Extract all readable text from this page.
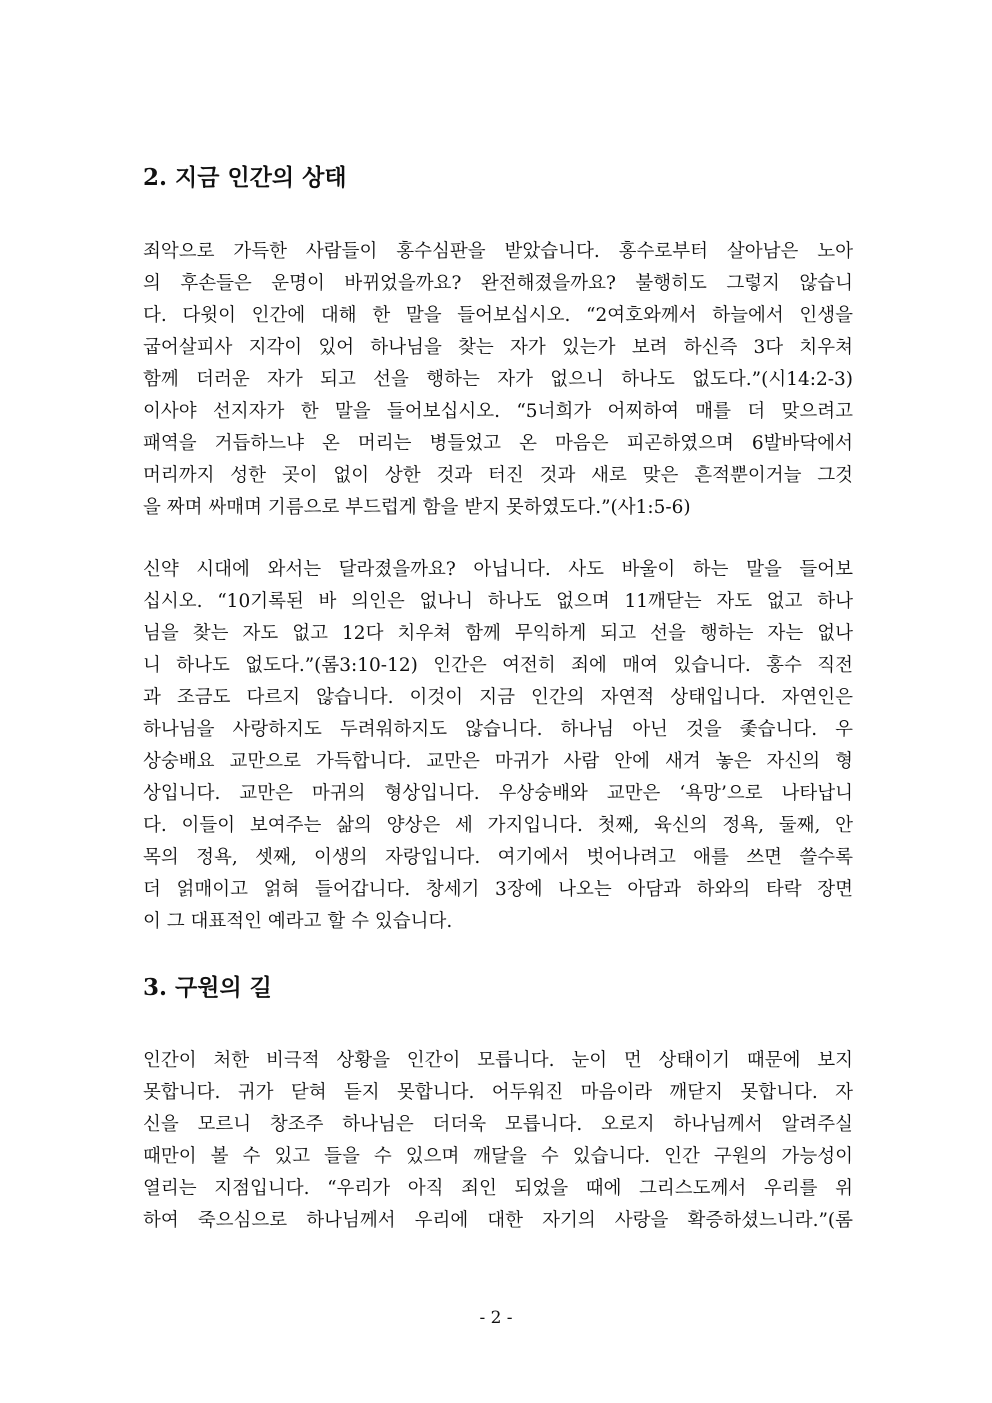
2. 지금 인간의 상태
죄악으로 가득한 사람들이 홍수심판을 받았습니다. 홍수로부터 살아남은 노아
의 후손들은 운명이 바뀌었을까요? 완전해졌을까요? 불행히도 그렇지 않습니
다. 다윗이 인간에 대해 한 말을 들어보십시오. “2여호와께서 하늘에서 인생을
굽어살피사 지각이 있어 하나님을 찾는 자가 있는가 보려 하신즉 3다 치우쳐
함께 더러운 자가 되고 선을 행하는 자가 없으니 하나도 없도다.”(시14:2-3)
이사야 선지자가 한 말을 들어보십시오. “5너희가 어찌하여 매를 더 맞으려고
패역을 거듭하느냐 온 머리는 병들었고 온 마음은 피곤하였으며 6발바닥에서
머리까지 성한 곳이 없이 상한 것과 터진 것과 새로 맞은 흔적뿐이거늘 그것
을 짜며 싸매며 기름으로 부드럽게 함을 받지 못하였도다.”(사1:5-6)
신약 시대에 와서는 달라졌을까요? 아닙니다. 사도 바울이 하는 말을 들어보
십시오. “10기록된 바 의인은 없나니 하나도 없으며 11깨닫는 자도 없고 하나
님을 찾는 자도 없고 12다 치우쳐 함께 무익하게 되고 선을 행하는 자는 없나
니 하나도 없도다.”(롬3:10-12) 인간은 여전히 죄에 매여 있습니다. 홍수 직전
과 조금도 다르지 않습니다. 이것이 지금 인간의 자연적 상태입니다. 자연인은
하나님을 사랑하지도 두려워하지도 않습니다. 하나님 아닌 것을 좇습니다. 우
상숭배요 교만으로 가득합니다. 교만은 마귀가 사람 안에 새겨 놓은 자신의 형
상입니다. 교만은 마귀의 형상입니다. 우상숭배와 교만은 ‘욕망’으로 나타납니
다. 이들이 보여주는 삶의 양상은 세 가지입니다. 첫째, 육신의 정욕, 둘째, 안
목의 정욕, 셋째, 이생의 자랑입니다. 여기에서 벗어나려고 애를 쓰면 쓸수록
더 얽매이고 얽혀 들어갑니다. 창세기 3장에 나오는 아담과 하와의 타락 장면
이 그 대표적인 예라고 할 수 있습니다.
3. 구원의 길
인간이 처한 비극적 상황을 인간이 모릅니다. 눈이 먼 상태이기 때문에 보지
못합니다. 귀가 닫혀 듣지 못합니다. 어두워진 마음이라 깨닫지 못합니다. 자
신을 모르니 창조주 하나님은 더더욱 모릅니다. 오로지 하나님께서 알려주실
때만이 볼 수 있고 들을 수 있으며 깨달을 수 있습니다. 인간 구원의 가능성이
열리는 지점입니다. “우리가 아직 죄인 되었을 때에 그리스도께서 우리를 위
하여 죽으심으로 하나님께서 우리에 대한 자기의 사랑을 확증하셨느니라.”(롬
- 2 -
